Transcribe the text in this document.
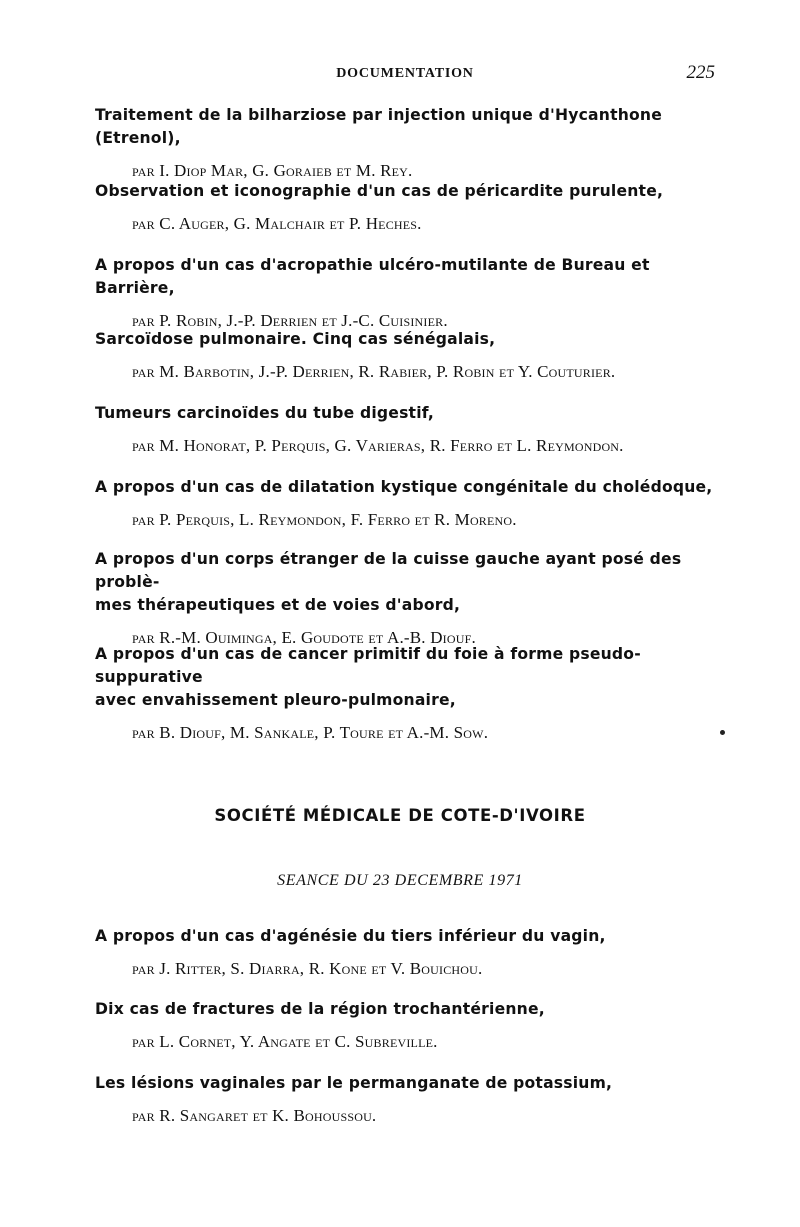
DOCUMENTATION	225

Traitement de la bilharziose par injection unique d'Hycanthone (Etrenol),

par I. Diop Mar, G. Goraieb et M. Rey.

Observation et iconographie d'un cas de péricardite purulente,

par C. Auger, G. Malchair et P. Heches.

A propos d'un cas d'acropathie ulcéro-mutilante de Bureau et Barrière,

par P. Robin, J.-P. Derrien et J.-C. Cuisinier.

Sarcoïdose pulmonaire. Cinq cas sénégalais,

par M. Barbotin, J.-P. Derrien, R. Rabier, P. Robin et Y. Couturier.

Tumeurs carcinoïdes du tube digestif,

par M. Honorat, P. Perquis, G. Varieras, R. Ferro et L. Reymondon.

A propos d'un cas de dilatation kystique congénitale du cholédoque,

par P. Perquis, L. Reymondon, F. Ferro et R. Moreno.

A propos d'un corps étranger de la cuisse gauche ayant posé des problè-

mes thérapeutiques et de voies d'abord,

par R.-M. Ouiminga, E. Goudote et A.-B. Diouf.

A propos d'un cas de cancer primitif du foie à forme pseudo-suppurative

avec envahissement pleuro-pulmonaire,

par B. Diouf, M. Sankale, P. Toure et A.-M. Sow.
SOCIÉTÉ MÉDICALE DE COTE-D'IVOIRE
SEANCE DU 23 DECEMBRE 1971

A propos d'un cas d'agénésie du tiers inférieur du vagin,

par J. Ritter, S. Diarra, R. Kone et V. Bouichou.

Dix cas de fractures de la région trochantérienne,

par L. Cornet, Y. Angate et C. Subreville.

Les lésions vaginales par le permanganate de potassium,

par R. Sangaret et K. Bohoussou.
